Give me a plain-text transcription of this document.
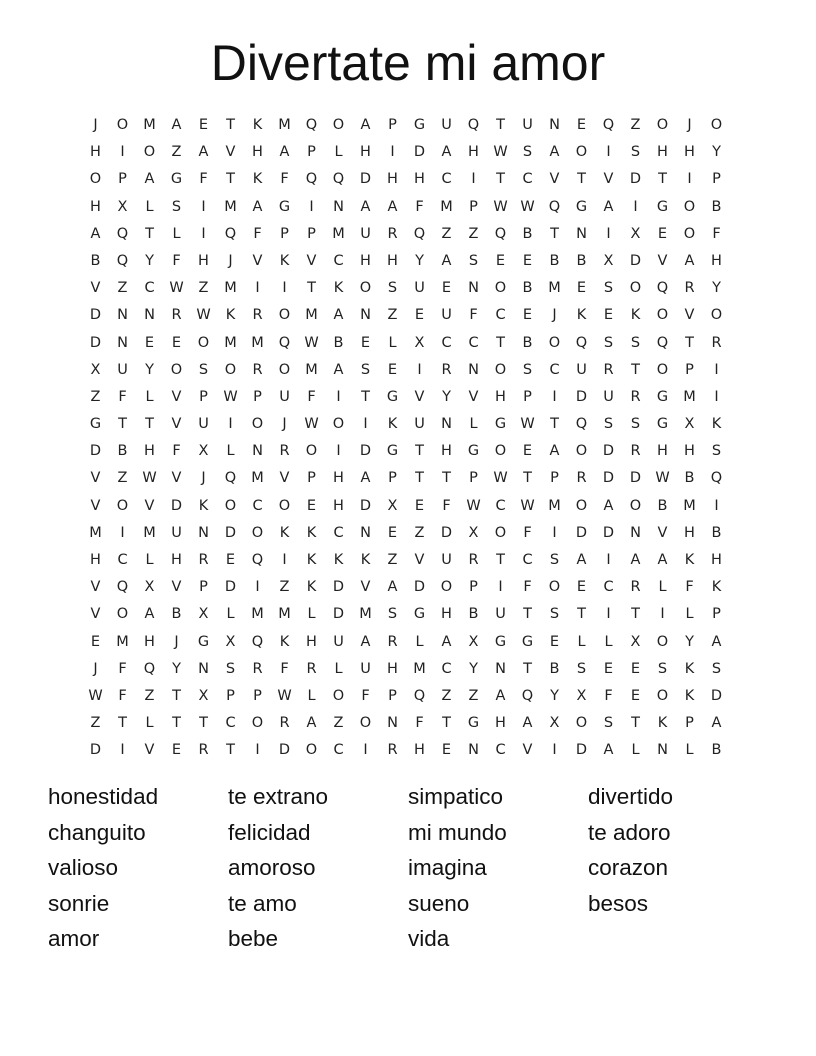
Divertate mi amor
J	O	M	A	E	T	K	M	Q	O	A	P	G	U	Q	T	U	N	E	Q	Z	O	J	O
H	I	O	Z	A	V	H	A	P	L	H	I	D	A	H W	S	A	O	I	S	H	H	Y
O	P	A	G	F	T	K	F	Q	Q	D	H	H	C	I	T	C	V	T	V	D	T	I	P
H	X	L	S	I	M	A	G	I	N	A	A	F	M	P	W W Q	G	A	I	G	O	B
A	Q	T	L	I	Q	F	P	P	M	U	R	Q	Z	Z	Q	B	T	N	I	X	E	O	F
B	Q	Y	F	H	J	V	K	V	C	H	H	Y	A	S	E	E	B	B	X	D	V	A	H
V	Z	C	W	Z	M	I	I	T	K	O	S	U	E	N	O	B	M	E	S	O	Q	R	Y
D	N	N	R	W	K	R	O	M	A	N	Z	E	U	F	C	E	J	K	E	K	O	V	O
D	N	E	E	O	M M	Q W	B	E	L	X	C	C	T	B	O	Q	S	S	Q	T	R
X	U	Y	O	S	O	R	O	M	A	S	E	I	R	N	O	S	C	U	R	T	O	P	I
Z	F	L	V	P	W	P	U	F	I	T	G	V	Y	V	H	P	I	D	U	R	G	M	I
G	T	T	V	U	I	O	J	W O	I	K	U	N	L	G W	T	Q	S	S	G	X	K
D	B	H	F	X	L	N	R	O	I	D	G	T	H	G	O	E	A	O	D	R	H	H	S
V	Z	W	V	J	Q	M	V	P	H	A	P	T	T	P	W	T	P	R	D	D W	B	Q
V	O	V	D	K	O	C	O	E	H	D	X	E	F	W	C	W M	O	A	O	B	M	I
M	I	M	U	N	D	O	K	K	C	N	E	Z	D	X	O	F	I	D	D	N	V	H	B
H	C	L	H	R	E	Q	I	K	K	K	Z	V	U	R	T	C	S	A	I	A	A	K	H
V	Q	X	V	P	D	I	Z	K	D	V	A	D	O	P	I	F	O	E	C	R	L	F	K
V	O	A	B	X	L	M M	L	D	M	S	G	H	B	U	T	S	T	I	T	I	L	P
E	M	H	J	G	X	Q	K	H	U	A	R	L	A	X	G	G	E	L	L	X	O	Y	A
J	F	Q	Y	N	S	R	F	R	L	U	H	M	C	Y	N	T	B	S	E	E	S	K	S
W	F	Z	T	X	P	P	W	L	O	F	P	Q	Z	Z	A	Q	Y	X	F	E	O	K	D
Z	T	L	T	T	C	O	R	A	Z	O	N	F	T	G	H	A	X	O	S	T	K	P	A
D	I	V	E	R	T	I	D	O	C	I	R	H	E	N	C	V	I	D	A	L	N	L	B
honestidad	te extrano	simpatico	divertido
changuito	felicidad	mi mundo	te adoro
valioso	amoroso	imagina	corazon
sonrie	te amo	sueno	besos
amor	bebe	vida
